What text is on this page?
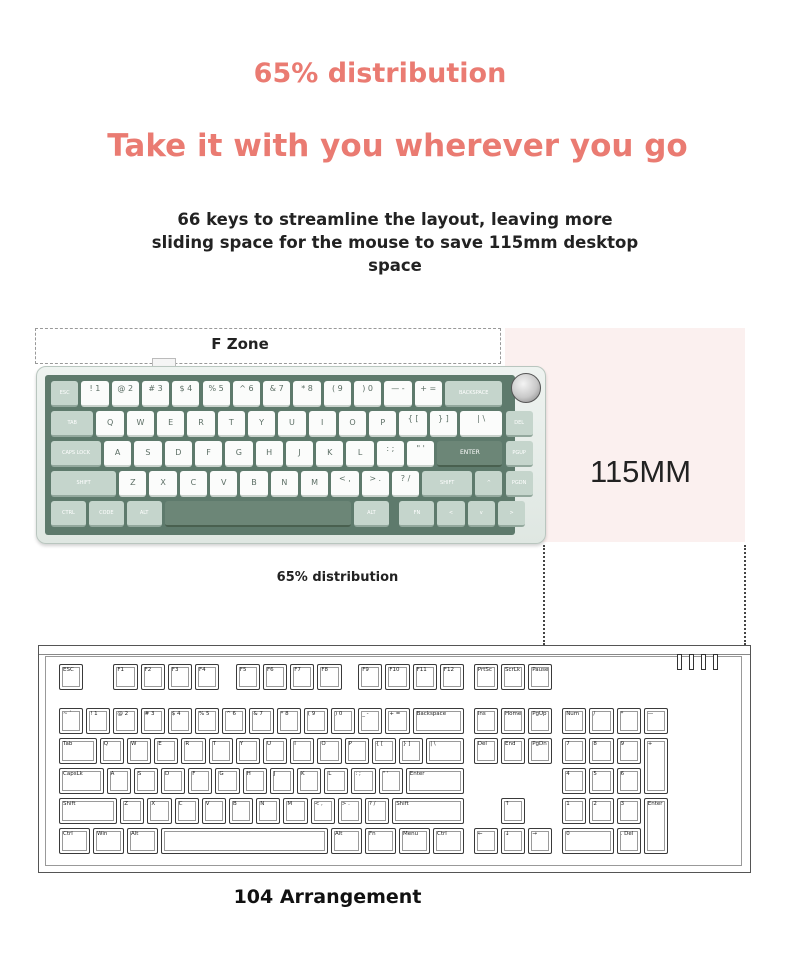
65% distribution
Take it with you wherever you go
66 keys to streamline the layout, leaving more sliding space for the mouse to save 115mm desktop space
F Zone
115MM
ESC	! 1	@ 2	# 3	$ 4	% 5	^ 6	& 7	* 8	( 9	) 0	— -	+ =	BACKSPACE
TAB	Q	W	E	R	T	Y	U	I	O	P	{ [	} ]	| \	DEL
CAPS LOCK	A	S	D	F	G	H	J	K	L	: ;	" '	ENTER	PGUP
SHIFT	Z	X	C	V	B	N	M	< ,	> .	? /	SHIFT	^	PGDN
CTRL	CODE	ALT	ALT	FN	<	v	>
65% distribution
ESC	F1	F2	F3	F4	F5	F6	F7	F8	F9	F10	F11	F12	PrtSc	ScrLk	Pause
~ `	! 1	@ 2	# 3	$ 4	% 5	^ 6	& 7	* 8	( 9	) 0	_ -	+ =	Backspace
Tab	Q	W	E	R	T	Y	U	I	O	P	{ [	} ]	| \
CapsLk	A	S	D	F	G	H	J	K	L	: ;	" '	Enter
Shift	Z	X	C	V	B	N	M	< ,	> .	? /	Shift
Ctrl	Win	Alt	Alt	Fn	Menu	Ctrl
Ins	Home	PgUp
Del	End	PgDn
↑
←	↓	→
Num	/	*	—
7	8	9	+
4	5	6
1	2	3	Enter
0	. Del
104 Arrangement
